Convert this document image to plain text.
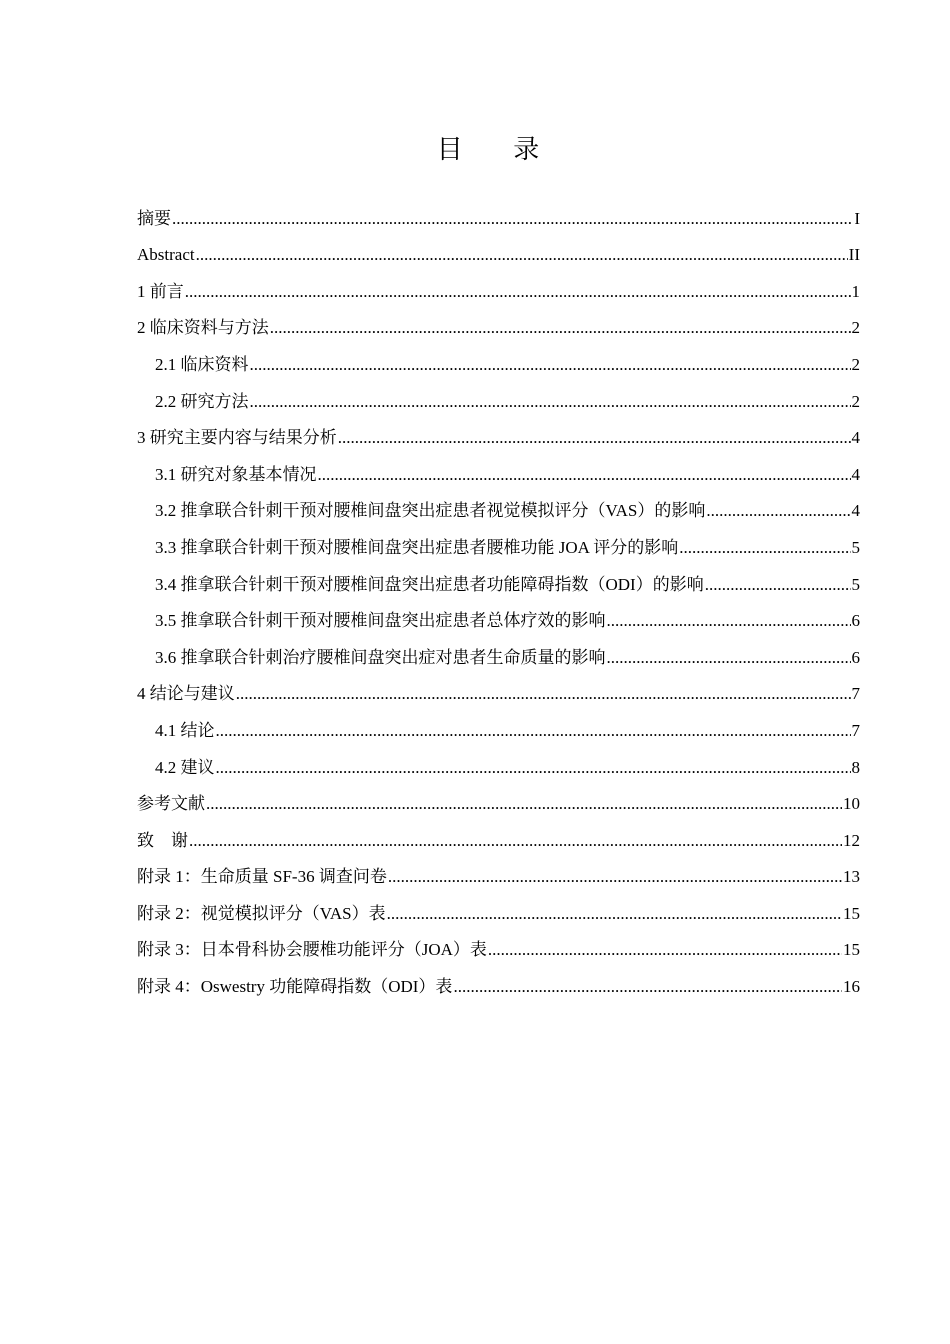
目 录
摘要 .....	I
Abstract .....	II
1 前言 .....	1
2 临床资料与方法 .....	2
2.1 临床资料 .....	2
2.2 研究方法 .....	2
3 研究主要内容与结果分析 .....	4
3.1 研究对象基本情况 .....	4
3.2 推拿联合针刺干预对腰椎间盘突出症患者视觉模拟评分（VAS）的影响 .....	4
3.3 推拿联合针刺干预对腰椎间盘突出症患者腰椎功能 JOA 评分的影响 .....	5
3.4 推拿联合针刺干预对腰椎间盘突出症患者功能障碍指数（ODI）的影响 .....	5
3.5 推拿联合针刺干预对腰椎间盘突出症患者总体疗效的影响 .....	6
3.6 推拿联合针刺治疗腰椎间盘突出症对患者生命质量的影响 .....	6
4 结论与建议 .....	7
4.1 结论 .....	7
4.2 建议 .....	8
参考文献 .....	10
致    谢 .....	12
附录 1：生命质量 SF-36 调查问卷 .....	13
附录 2：视觉模拟评分（VAS）表 .....	15
附录 3：日本骨科协会腰椎功能评分（JOA）表 .....	15
附录 4：Oswestry 功能障碍指数（ODI）表 .....	16
